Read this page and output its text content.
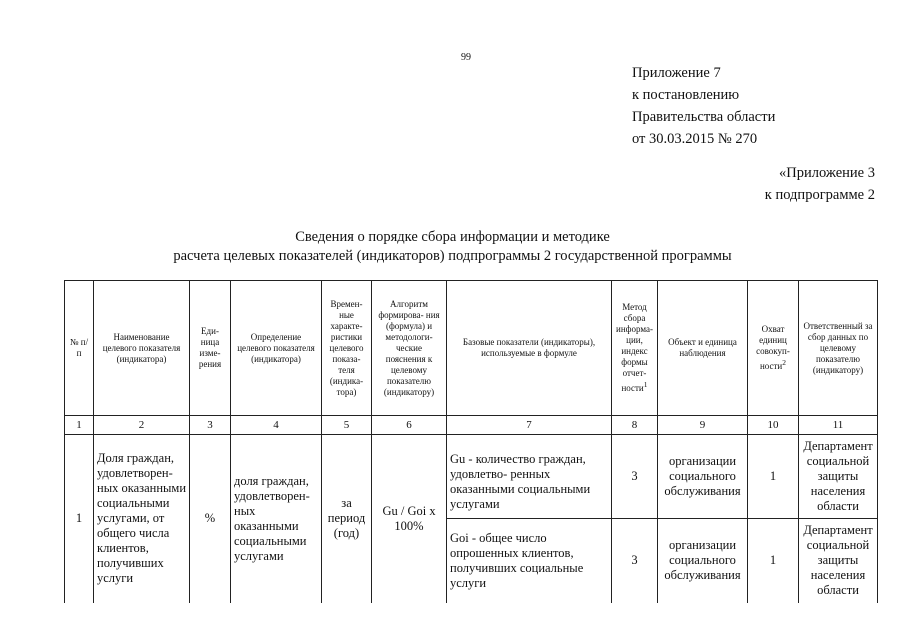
99
Приложение 7
к постановлению
Правительства области
от 30.03.2015 № 270
«Приложение 3
к подпрограмме 2
Сведения о порядке сбора информации и методике
расчета целевых показателей (индикаторов) подпрограммы 2 государственной программы
№ п/п	Наименование целевого показателя (индикатора)	Еди- ница изме- рения	Определение целевого показателя (индикатора)	Времен- ные характе- ристики целевого показа- теля (индика- тора)	Алгоритм формирова- ния (формула) и методологи- ческие пояснения к целевому показателю (индикатору)	Базовые показатели (индикаторы), используемые в формуле	Метод сбора информа- ции, индекс формы отчет- ности$^1$	Объект и единица наблюдения	Охват единиц совокуп- ности$^2$	Ответственный за сбор данных по целевому показателю (индикатору)
1	2	3	4	5	6	7	8	9	10	11
1	Доля граждан, удовлетворен- ных оказанными социальными услугами, от общего числа клиентов, получивших услуги	%	доля граждан, удовлетворен- ных оказанными социальными услугами	за период (год)	Gu / Goi x 100%	Gu - количество граждан, удовлетво- ренных оказанными социальными услугами	3	организации социального обслуживания	1	Департамент социальной защиты населения области
						Goi - общее число опрошенных клиентов, получивших социальные услуги	3	организации социального обслуживания	1	Департамент социальной защиты населения области
